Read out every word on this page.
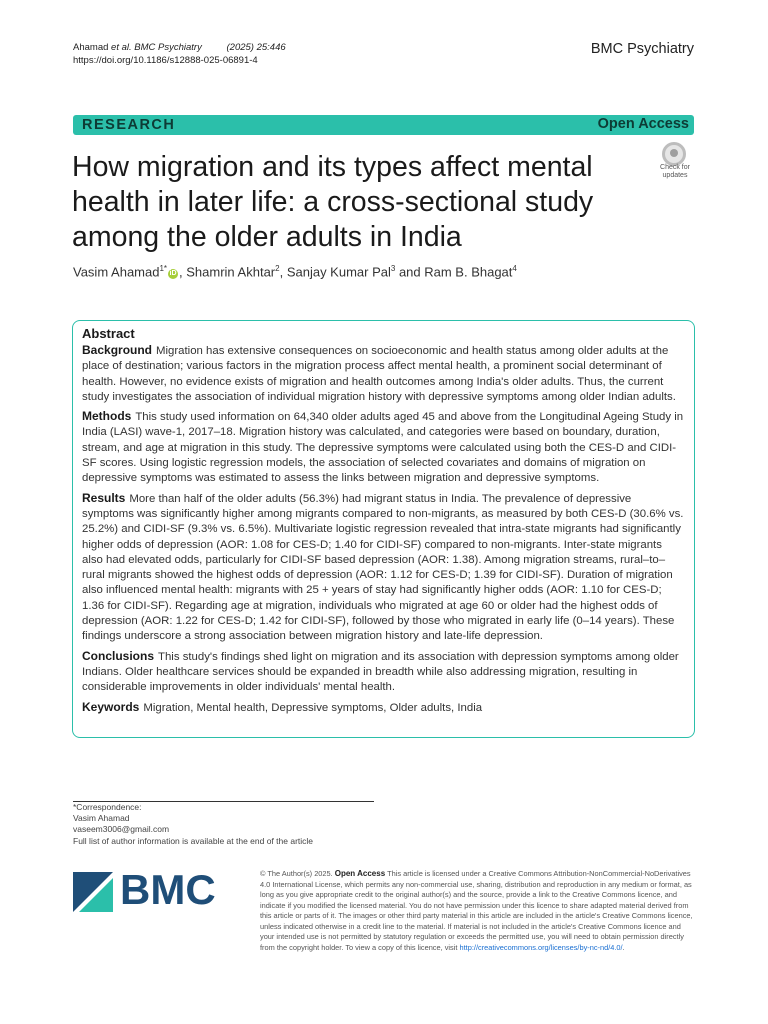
Ahamad et al. BMC Psychiatry	(2025) 25:446
https://doi.org/10.1186/s12888-025-06891-4
BMC Psychiatry
RESEARCH	Open Access
How migration and its types affect mental health in later life: a cross-sectional study among the older adults in India
Check for updates
Vasim Ahamad$^{1*}$iD , Shamrin Akhtar$^2$, Sanjay Kumar Pal$^3$ and Ram B. Bhagat$^4$
Abstract

Background Migration has extensive consequences on socioeconomic and health status among older adults at the place of destination; various factors in the migration process affect mental health, a prominent social determinant of health. However, no evidence exists of migration and health outcomes among India's older adults. Thus, the current study investigates the association of individual migration history with depressive symptoms among older Indian adults.

Methods This study used information on 64,340 older adults aged 45 and above from the Longitudinal Ageing Study in India (LASI) wave-1, 2017–18. Migration history was calculated, and categories were based on boundary, duration, stream, and age at migration in this study. The depressive symptoms were calculated using both the CES-D and CIDI-SF scores. Using logistic regression models, the association of selected covariates and domains of migration on depressive symptoms was estimated to assess the links between migration and depressive symptoms.

Results More than half of the older adults (56.3%) had migrant status in India. The prevalence of depressive symptoms was significantly higher among migrants compared to non-migrants, as measured by both CES-D (30.6% vs. 25.2%) and CIDI-SF (9.3% vs. 6.5%). Multivariate logistic regression revealed that intra-state migrants had significantly higher odds of depression (AOR: 1.08 for CES-D; 1.40 for CIDI-SF) compared to non-migrants. Inter-state migrants also had elevated odds, particularly for CIDI-SF based depression (AOR: 1.38). Among migration streams, rural–to–rural migrants showed the highest odds of depression (AOR: 1.12 for CES-D; 1.39 for CIDI-SF). Duration of migration also influenced mental health: migrants with 25 + years of stay had significantly higher odds (AOR: 1.10 for CES-D; 1.36 for CIDI-SF). Regarding age at migration, individuals who migrated at age 60 or older had the highest odds of depression (AOR: 1.22 for CES-D; 1.42 for CIDI-SF), followed by those who migrated in early life (0–14 years). These findings underscore a strong association between migration history and late-life depression.

Conclusions This study's findings shed light on migration and its association with depression symptoms among older Indians. Older healthcare services should be expanded in breadth while also addressing migration, resulting in considerable improvements in older individuals' mental health.

Keywords Migration, Mental health, Depressive symptoms, Older adults, India

*Correspondence:
Vasim Ahamad
vaseem3006@gmail.com
Full list of author information is available at the end of the article
BMC	© The Author(s) 2025. Open Access This article is licensed under a Creative Commons Attribution-NonCommercial-NoDerivatives 4.0 International License, which permits any non-commercial use, sharing, distribution and reproduction in any medium or format, as long as you give appropriate credit to the original author(s) and the source, provide a link to the Creative Commons licence, and indicate if you modified the licensed material. You do not have permission under this licence to share adapted material derived from this article or parts of it. The images or other third party material in this article are included in the article's Creative Commons licence, unless indicated otherwise in a credit line to the material. If material is not included in the article's Creative Commons licence and your intended use is not permitted by statutory regulation or exceeds the permitted use, you will need to obtain permission directly from the copyright holder. To view a copy of this licence, visit http://creativecommons.org/licenses/by-nc-nd/4.0/.
